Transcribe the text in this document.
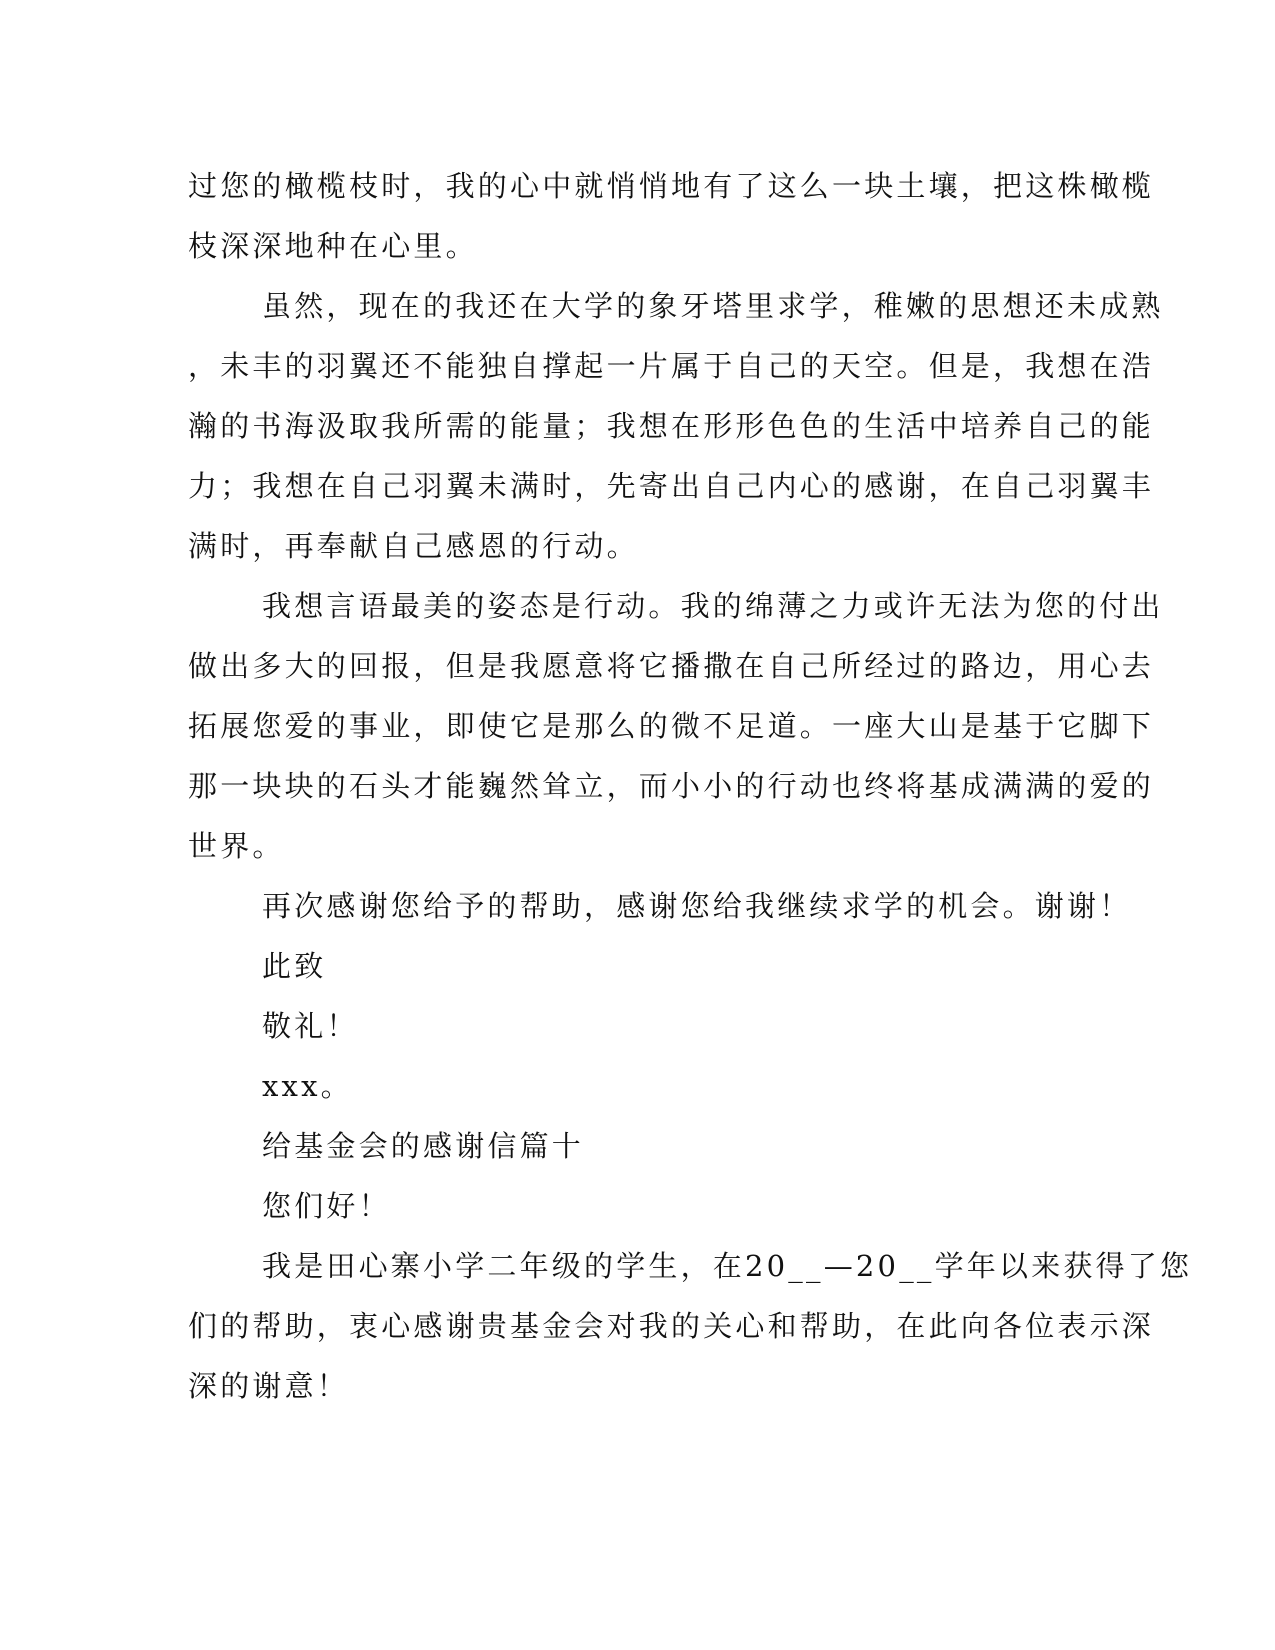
过您的橄榄枝时，我的心中就悄悄地有了这么一块土壤，把这株橄榄
枝深深地种在心里。
虽然，现在的我还在大学的象牙塔里求学，稚嫩的思想还未成熟
，未丰的羽翼还不能独自撑起一片属于自己的天空。但是，我想在浩
瀚的书海汲取我所需的能量；我想在形形色色的生活中培养自己的能
力；我想在自己羽翼未满时，先寄出自己内心的感谢，在自己羽翼丰
满时，再奉献自己感恩的行动。
我想言语最美的姿态是行动。我的绵薄之力或许无法为您的付出
做出多大的回报，但是我愿意将它播撒在自己所经过的路边，用心去
拓展您爱的事业，即使它是那么的微不足道。一座大山是基于它脚下
那一块块的石头才能巍然耸立，而小小的行动也终将基成满满的爱的
世界。
再次感谢您给予的帮助，感谢您给我继续求学的机会。谢谢！
此致
敬礼！
xxx。
给基金会的感谢信篇十
您们好！
我是田心寨小学二年级的学生，在20__—20__学年以来获得了您
们的帮助，衷心感谢贵基金会对我的关心和帮助，在此向各位表示深
深的谢意！
